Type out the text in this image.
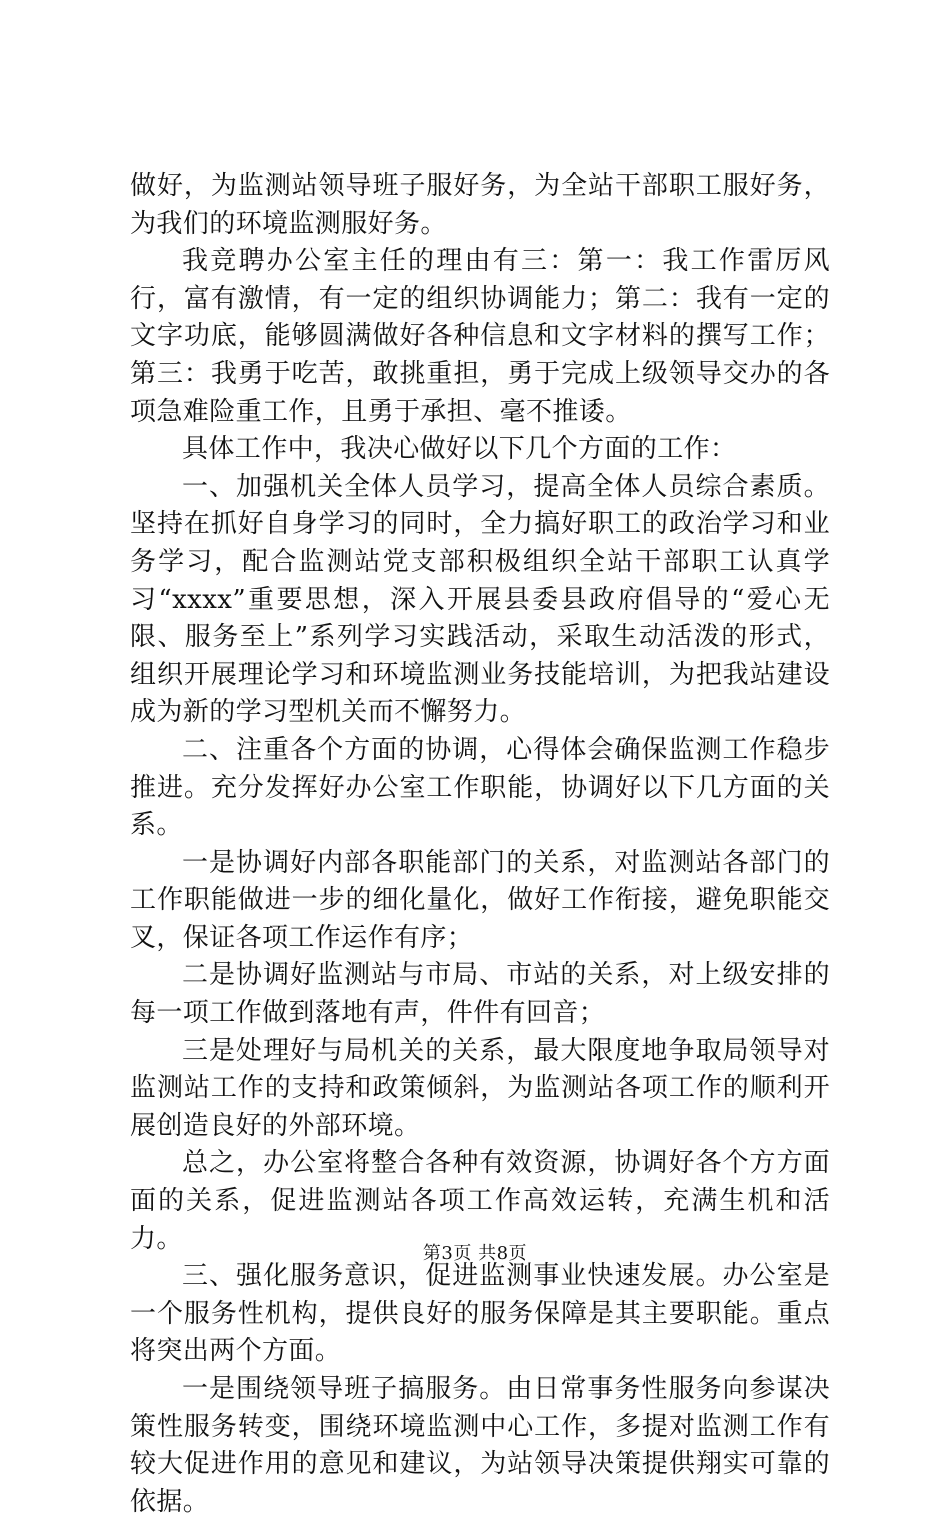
做好，为监测站领导班子服好务，为全站干部职工服好务，为我们的环境监测服好务。

我竞聘办公室主任的理由有三：第一：我工作雷厉风行，富有激情，有一定的组织协调能力；第二：我有一定的文字功底，能够圆满做好各种信息和文字材料的撰写工作；第三：我勇于吃苦，敢挑重担，勇于完成上级领导交办的各项急难险重工作，且勇于承担、毫不推诿。

具体工作中，我决心做好以下几个方面的工作：

一、加强机关全体人员学习，提高全体人员综合素质。坚持在抓好自身学习的同时，全力搞好职工的政治学习和业务学习，配合监测站党支部积极组织全站干部职工认真学习“xxxx”重要思想，深入开展县委县政府倡导的“爱心无限、服务至上”系列学习实践活动，采取生动活泼的形式，组织开展理论学习和环境监测业务技能培训，为把我站建设成为新的学习型机关而不懈努力。

二、注重各个方面的协调，心得体会确保监测工作稳步推进。充分发挥好办公室工作职能，协调好以下几方面的关系。

一是协调好内部各职能部门的关系，对监测站各部门的工作职能做进一步的细化量化，做好工作衔接，避免职能交叉，保证各项工作运作有序；

二是协调好监测站与市局、市站的关系，对上级安排的每一项工作做到落地有声，件件有回音；

三是处理好与局机关的关系，最大限度地争取局领导对监测站工作的支持和政策倾斜，为监测站各项工作的顺利开展创造良好的外部环境。

总之，办公室将整合各种有效资源，协调好各个方方面面的关系，促进监测站各项工作高效运转，充满生机和活力。

三、强化服务意识，促进监测事业快速发展。办公室是一个服务性机构，提供良好的服务保障是其主要职能。重点将突出两个方面。

一是围绕领导班子搞服务。由日常事务性服务向参谋决策性服务转变，围绕环境监测中心工作，多提对监测工作有较大促进作用的意见和建议，为站领导决策提供翔实可靠的依据。

第3页 共8页
